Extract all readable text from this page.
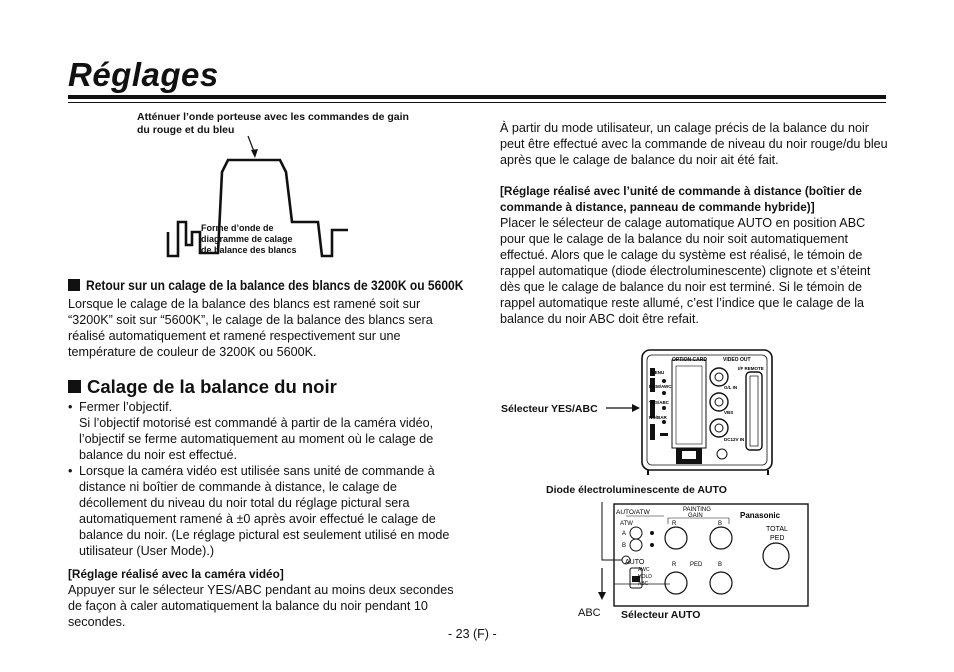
Réglages
Atténuer l’onde porteuse avec les commandes de gain du rouge et du bleu
Forme d’onde de
diagramme de calage
de balance des blancs
Retour sur un calage de la balance des blancs de 3200K ou 5600K
Lorsque le calage de la balance des blancs est ramené soit sur “3200K” soit sur “5600K”, le calage de la balance des blancs sera réalisé automatiquement et ramené respectivement sur une température de couleur de 3200K ou 5600K.
Calage de la balance du noir
• Fermer l’objectif.
Si l’objectif motorisé est commandé à partir de la caméra vidéo, l’objectif se ferme automatiquement au moment où le calage de balance du noir est effectué.
• Lorsque la caméra vidéo est utilisée sans unité de commande à distance ni boîtier de commande à distance, le calage de décollement du niveau du noir total du réglage pictural sera automatiquement ramené à ±0 après avoir effectué le calage de balance du noir. (Le réglage pictural est seulement utilisé en mode utilisateur (User Mode).)
[Réglage réalisé avec la caméra vidéo]
Appuyer sur le sélecteur YES/ABC pendant au moins deux secondes de façon à caler automatiquement la balance du noir pendant 10 secondes.
À partir du mode utilisateur, un calage précis de la balance du noir peut être effectué avec la commande de niveau du noir rouge/du bleu après que le calage de balance du noir ait été fait.
[Réglage réalisé avec l’unité de commande à distance (boîtier de commande à distance, panneau de commande hybride)]
Placer le sélecteur de calage automatique AUTO en position ABC pour que le calage de la balance du noir soit automatiquement effectué. Alors que le calage du système est réalisé, le témoin de rappel automatique (diode électroluminescente) clignote et s’éteint dès que le calage de balance du noir est terminé. Si le témoin de rappel automatique reste allumé, c’est l’indice que le calage de la balance du noir ABC doit être refait.
Sélecteur YES/ABC
OPTION CARD	VIDEO OUT
I/F REMOTE
MENU
ITEM/AWC
YES/ABC
NO/BAR
G/L IN
VBS
DC12V IN
Diode électroluminescente de AUTO
AUTO/ATW	PAINTING
GAIN	Panasonic
ATW
A
B
R	B
AUTO
AWC
HOLD
ABC
R PED	B
TOTAL
PED
ABC Sélecteur AUTO
- 23 (F) -
